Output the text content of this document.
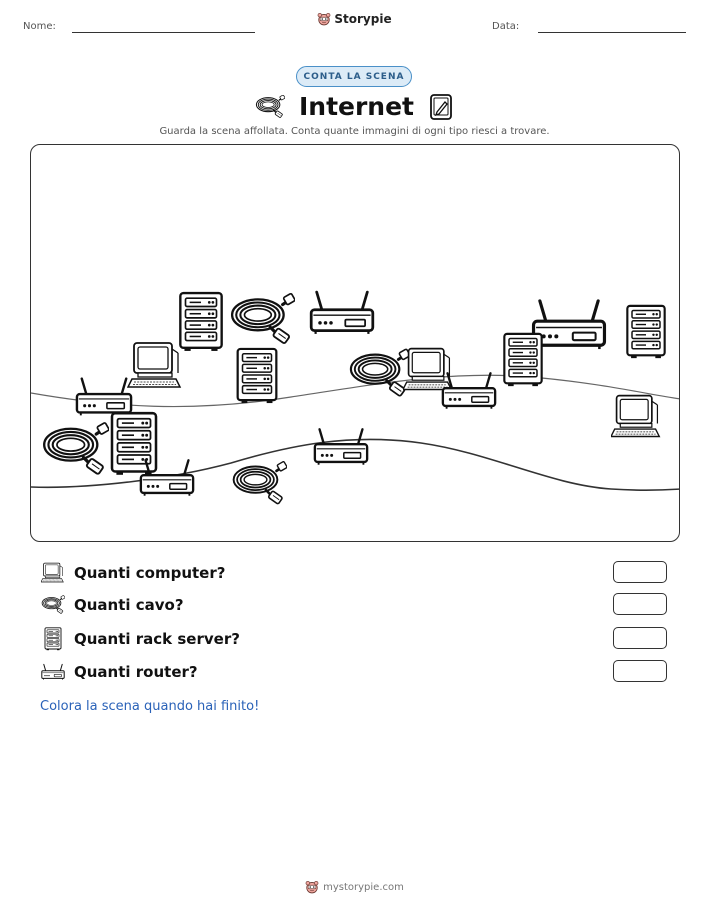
Nome:
Storypie
Data:
CONTA LA SCENA
Internet
Guarda la scena affollata. Conta quante immagini di ogni tipo riesci a trovare.
Quanti computer?
Quanti cavo?
Quanti rack server?
Quanti router?
Colora la scena quando hai finito!
mystorypie.com
